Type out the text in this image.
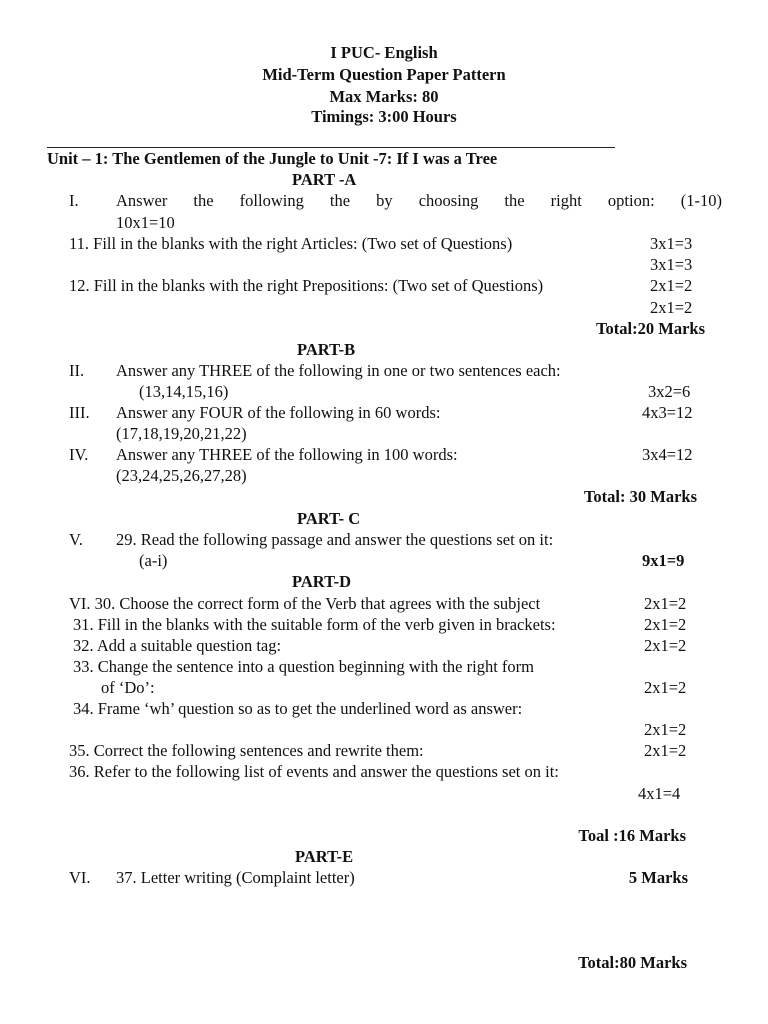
I PUC- English
Mid-Term Question Paper Pattern
Max Marks: 80
Timings: 3:00 Hours
Unit – 1: The Gentlemen of the Jungle to Unit -7: If I was a Tree
PART -A
I. Answer the following the by choosing the right option: (1-10)
10x1=10
11. Fill in the blanks with the right Articles: (Two set of Questions)	3x1=3
3x1=3
12. Fill in the blanks with the right Prepositions: (Two set of Questions)	2x1=2
2x1=2
Total:20 Marks
PART-B
II. Answer any THREE of the following in one or two sentences each:
(13,14,15,16)	3x2=6
III. Answer any FOUR of the following in 60 words:	4x3=12
(17,18,19,20,21,22)
IV. Answer any THREE of the following in 100 words:	3x4=12
(23,24,25,26,27,28)
Total: 30 Marks
PART- C
V. 29. Read the following passage and answer the questions set on it:
(a-i)	9x1=9
PART-D
VI. 30. Choose the correct form of the Verb that agrees with the subject	2x1=2
31. Fill in the blanks with the suitable form of the verb given in brackets:	2x1=2
32. Add a suitable question tag:	2x1=2
33. Change the sentence into a question beginning with the right form
of ‘Do’:	2x1=2
34. Frame ‘wh’ question so as to get the underlined word as answer:
2x1=2
35. Correct the following sentences and rewrite them:	2x1=2
36. Refer to the following list of events and answer the questions set on it:
4x1=4
Toal :16 Marks
PART-E
VI. 37. Letter writing (Complaint letter)	5 Marks
Total:80 Marks
